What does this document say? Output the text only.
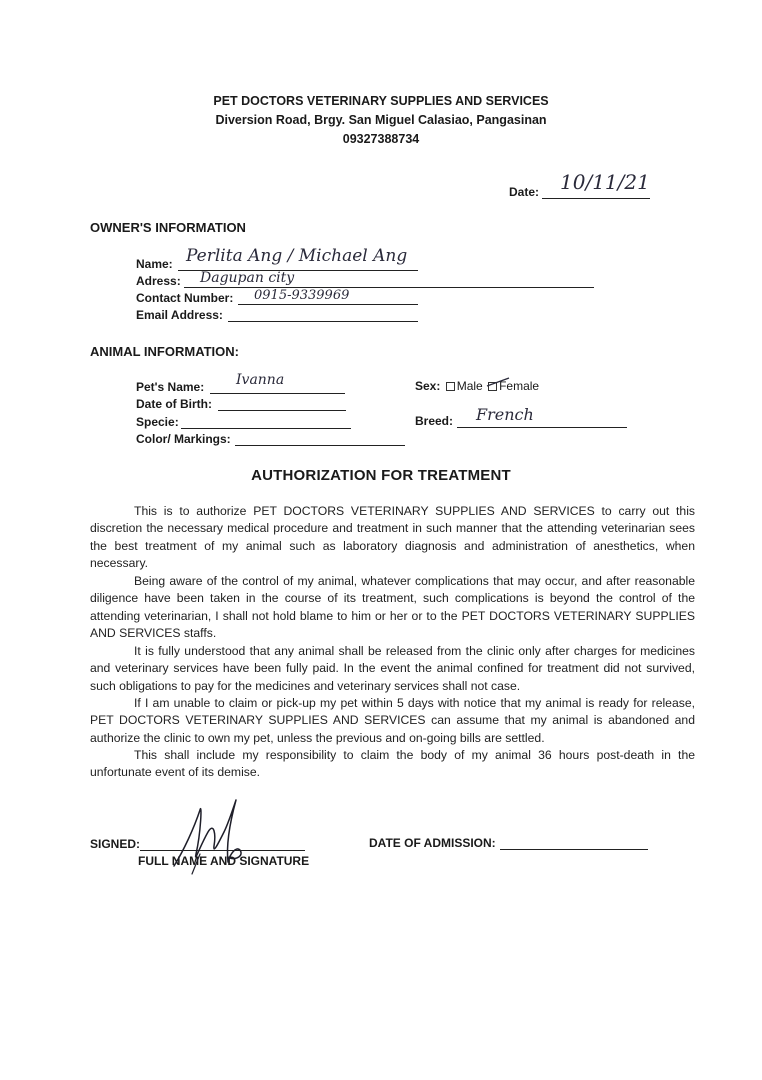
PET DOCTORS VETERINARY SUPPLIES AND SERVICES
Diversion Road, Brgy. San Miguel Calasiao, Pangasinan
09327388734
Date: 10/11/21
OWNER'S INFORMATION
Name: Perlita Ang / Michael Ang
Adress: Dagupan city
Contact Number: 0915-9339969
Email Address:
ANIMAL INFORMATION:
Pet's Name: Ivanna
Date of Birth:
Specie:
Color/ Markings:
Sex: Male Female
Breed: French
AUTHORIZATION FOR TREATMENT
This is to authorize PET DOCTORS VETERINARY SUPPLIES AND SERVICES to carry out this discretion the necessary medical procedure and treatment in such manner that the attending veterinarian sees the best treatment of my animal such as laboratory diagnosis and administration of anesthetics, when necessary.
Being aware of the control of my animal, whatever complications that may occur, and after reasonable diligence have been taken in the course of its treatment, such complications is beyond the control of the attending veterinarian, I shall not hold blame to him or her or to the PET DOCTORS VETERINARY SUPPLIES AND SERVICES staffs.
It is fully understood that any animal shall be released from the clinic only after charges for medicines and veterinary services have been fully paid. In the event the animal confined for treatment did not survived, such obligations to pay for the medicines and veterinary services shall not case.
If I am unable to claim or pick-up my pet within 5 days with notice that my animal is ready for release, PET DOCTORS VETERINARY SUPPLIES AND SERVICES can assume that my animal is abandoned and authorize the clinic to own my pet, unless the previous and on-going bills are settled.
This shall include my responsibility to claim the body of my animal 36 hours post-death in the unfortunate event of its demise.
SIGNED:
FULL NAME AND SIGNATURE
DATE OF ADMISSION:
